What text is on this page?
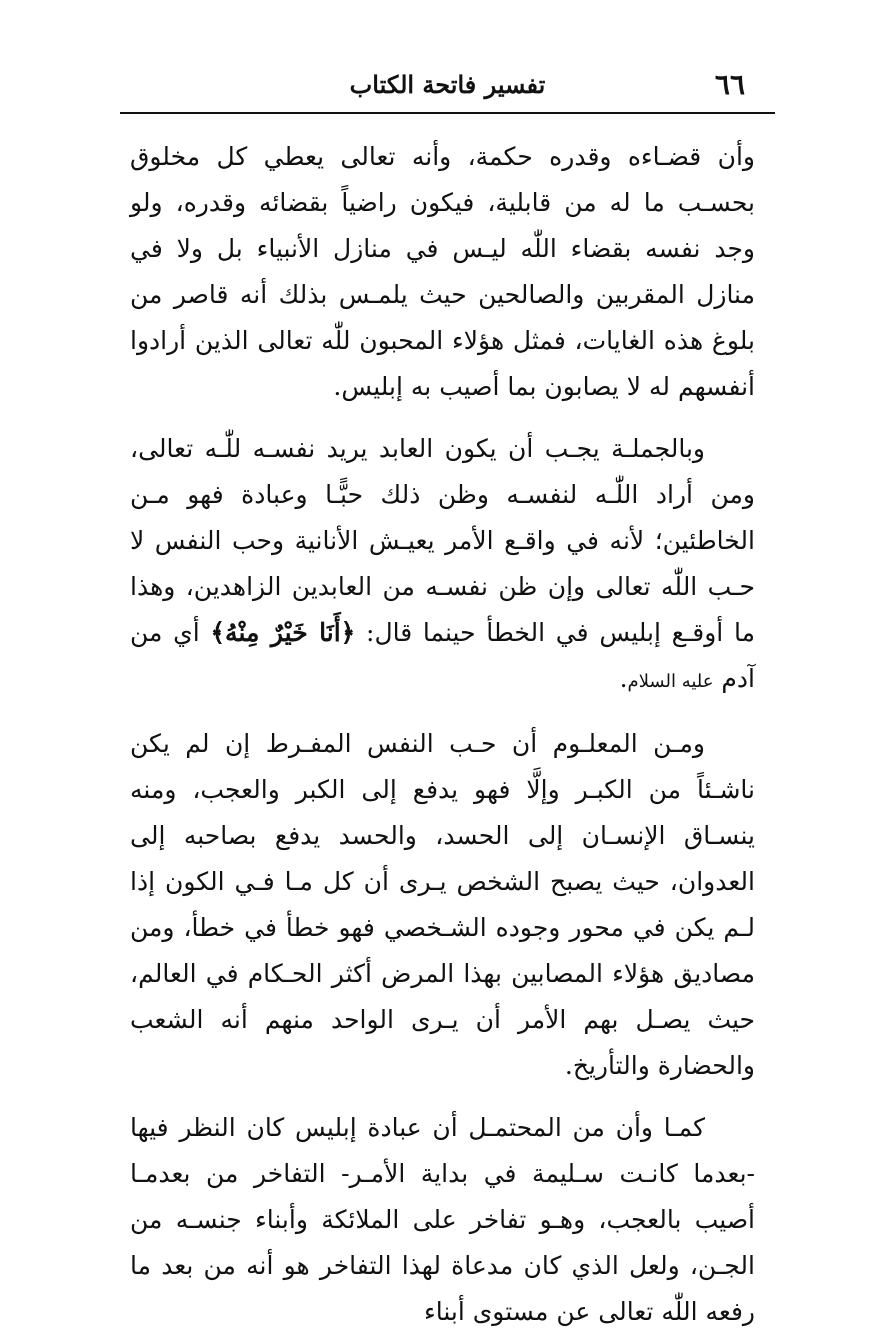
٦٦
تفسير فاتحة الكتاب

وأن قضـاءه وقدره حكمة، وأنه تعالى يعطي كل مخلوق بحسـب ما له من قابلية، فيكون راضياً بقضائه وقدره، ولو وجد نفسه بقضاء اللّٰه ليـس في منازل الأنبياء بل ولا في منازل المقربين والصالحين حيث يلمـس بذلك أنه قاصر من بلوغ هذه الغايات، فمثل هؤلاء المحبون للّٰه تعالى الذين أرادوا أنفسهم له لا يصابون بما أصيب به إبليس.

وبالجملـة يجـب أن يكون العابد يريد نفسـه للّٰـه تعالى، ومن أراد اللّٰـه لنفسـه وظن ذلك حبًّـا وعبادة فهو مـن الخاطئين؛ لأنه في واقـع الأمر يعيـش الأنانية وحب النفس لا حـب اللّٰه تعالى وإن ظن نفسـه من العابدين الزاهدين، وهذا ما أوقـع إبليس في الخطأ حينما قال: ﴿أَنَا خَيْرٌ مِنْهُ﴾ أي من آدم عليه السلام.

ومـن المعلـوم أن حـب النفس المفـرط إن لم يكن ناشـئاً من الكبـر وإلَّا فهو يدفع إلى الكبر والعجب، ومنه ينسـاق الإنسـان إلى الحسد، والحسد يدفع بصاحبه إلى العدوان، حيث يصبح الشخص يـرى أن كل مـا فـي الكون إذا لـم يكن في محور وجوده الشـخصي فهو خطأ في خطأ، ومن مصاديق هؤلاء المصابين بهذا المرض أكثر الحـكام في العالم، حيث يصـل بهم الأمر أن يـرى الواحد منهم أنه الشعب والحضارة والتأريخ.

كمـا وأن من المحتمـل أن عبادة إبليس كان النظر فيها -بعدما كانـت سـليمة في بداية الأمـر- التفاخر من بعدمـا أصيب بالعجب، وهـو تفاخر على الملائكة وأبناء جنسـه من الجـن، ولعل الذي كان مدعاة لهذا التفاخر هو أنه من بعد ما رفعه اللّٰه تعالى عن مستوى أبناء
